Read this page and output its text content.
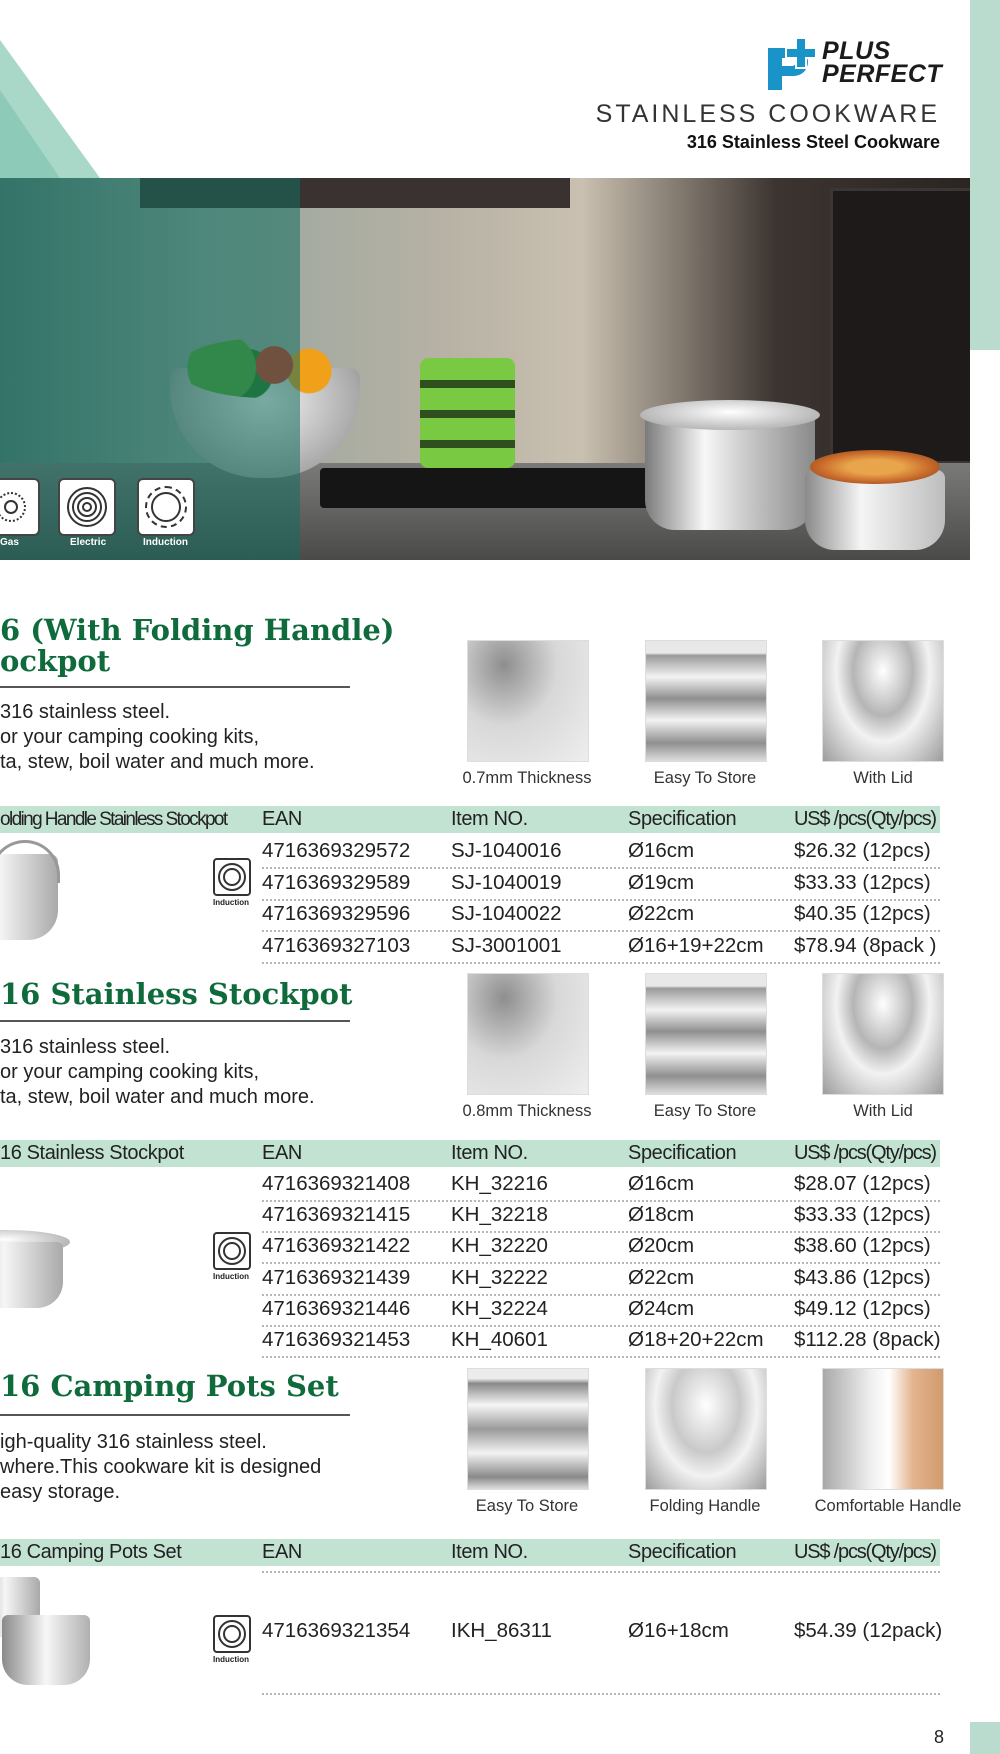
PLUS
PERFECT
STAINLESS COOKWARE
316 Stainless Steel Cookware
Gas	Electric	Induction
6 (With Folding Handle)
ockpot
316 stainless steel.
or your camping cooking kits,
ta, stew, boil water and much more.
0.7mm Thickness	Easy To Store	With Lid
olding Handle Stainless Stockpot EAN	Item NO.	Specification	US$ /pcs(Qty/pcs)
Induction
4716369329572 SJ-1040016	Ø16cm	$26.32 (12pcs)
4716369329589 SJ-1040019	Ø19cm	$33.33 (12pcs)
4716369329596 SJ-1040022	Ø22cm	$40.35 (12pcs)
4716369327103 SJ-3001001	Ø16+19+22cm $78.94 (8pack )
16 Stainless Stockpot
316 stainless steel.
or your camping cooking kits,
ta, stew, boil water and much more.
0.8mm Thickness	Easy To Store	With Lid
16 Stainless Stockpot	EAN	Item NO.	Specification	US$ /pcs(Qty/pcs)
Induction
4716369321408 KH_32216	Ø16cm	$28.07 (12pcs)
4716369321415 KH_32218	Ø18cm	$33.33 (12pcs)
4716369321422 KH_32220	Ø20cm	$38.60 (12pcs)
4716369321439 KH_32222	Ø22cm	$43.86 (12pcs)
4716369321446 KH_32224	Ø24cm	$49.12 (12pcs)
4716369321453 KH_40601	Ø18+20+22cm $112.28 (8pack)
16 Camping Pots Set
igh-quality 316 stainless steel.
where.This cookware kit is designed
easy storage.
Easy To Store	Folding Handle	Comfortable Handle
16 Camping Pots Set	EAN	Item NO.	Specification	US$ /pcs(Qty/pcs)
Induction
4716369321354 IKH_86311	Ø16+18cm	$54.39 (12pack)
8
